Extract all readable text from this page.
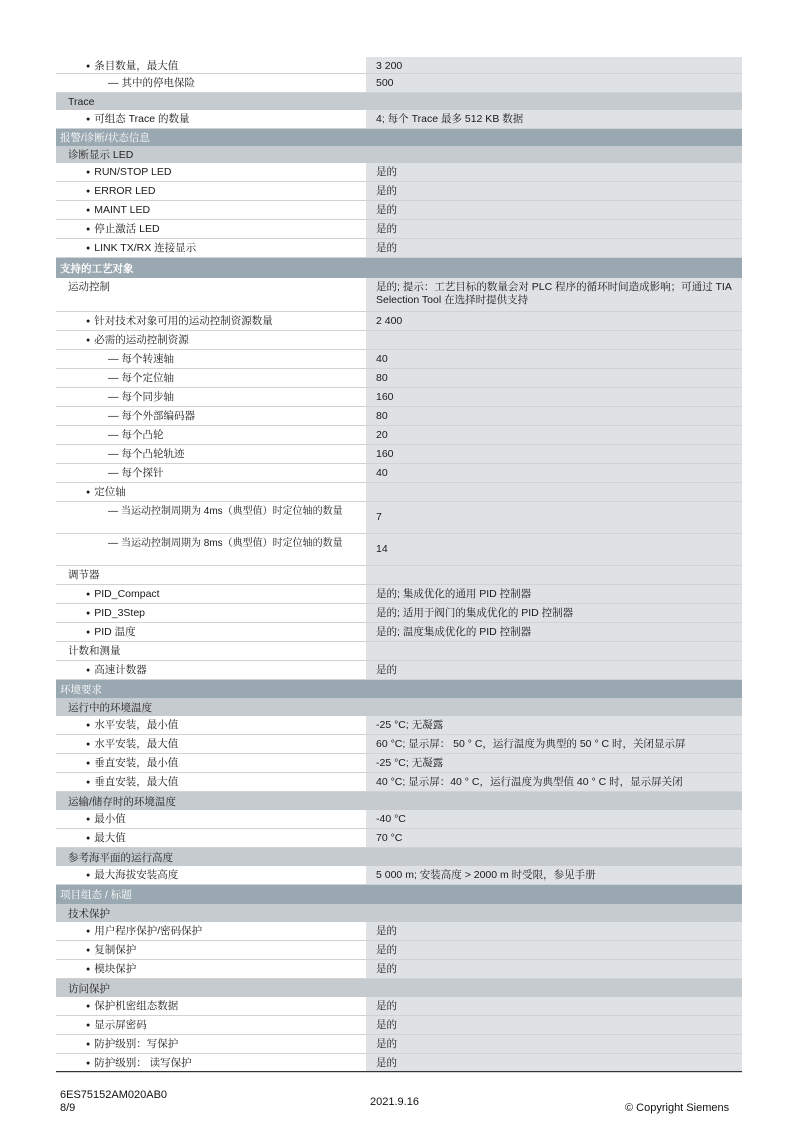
● 条目数量，最大值	3 200
— 其中的停电保险	500
Trace
● 可组态 Trace 的数量	4; 每个 Trace 最多 512 KB 数据
报警/诊断/状态信息
诊断显示 LED
● RUN/STOP LED	是的
● ERROR LED	是的
● MAINT LED	是的
● 停止激活 LED	是的
● LINK TX/RX 连接显示	是的
支持的工艺对象
运动控制	是的; 提示：工艺目标的数量会对 PLC 程序的循环时间造成影响；可通过 TIA Selection Tool 在选择时提供支持
● 针对技术对象可用的运动控制资源数量	2 400
● 必需的运动控制资源
— 每个转速轴	40
— 每个定位轴	80
— 每个同步轴	160
— 每个外部编码器	80
— 每个凸轮	20
— 每个凸轮轨迹	160
— 每个探针	40
● 定位轴
— 当运动控制周期为 4ms（典型值）时定位轴的数量	7
— 当运动控制周期为 8ms（典型值）时定位轴的数量	14
调节器
● PID_Compact	是的; 集成优化的通用 PID 控制器
● PID_3Step	是的; 适用于阀门的集成优化的 PID 控制器
● PID 温度	是的; 温度集成优化的 PID 控制器
计数和测量
● 高速计数器	是的
环境要求
运行中的环境温度
● 水平安装，最小值	-25 °C; 无凝露
● 水平安装，最大值	60 °C; 显示屏： 50 ° C，运行温度为典型的 50 ° C 时，关闭显示屏
● 垂直安装，最小值	-25 °C; 无凝露
● 垂直安装，最大值	40 °C; 显示屏：40 ° C，运行温度为典型值 40 ° C 时，显示屏关闭
运输/储存时的环境温度
● 最小值	-40 °C
● 最大值	70 °C
参考海平面的运行高度
● 最大海拔安装高度	5 000 m; 安装高度 > 2000 m 时受限，参见手册
项目组态 / 标题
技术保护
● 用户程序保护/密码保护	是的
● 复制保护	是的
● 模块保护	是的
访问保护
● 保护机密组态数据	是的
● 显示屏密码	是的
● 防护级别：写保护	是的
● 防护级别： 读写保护	是的
6ES75152AM020AB0
8/9	2021.9.16	© Copyright Siemens
